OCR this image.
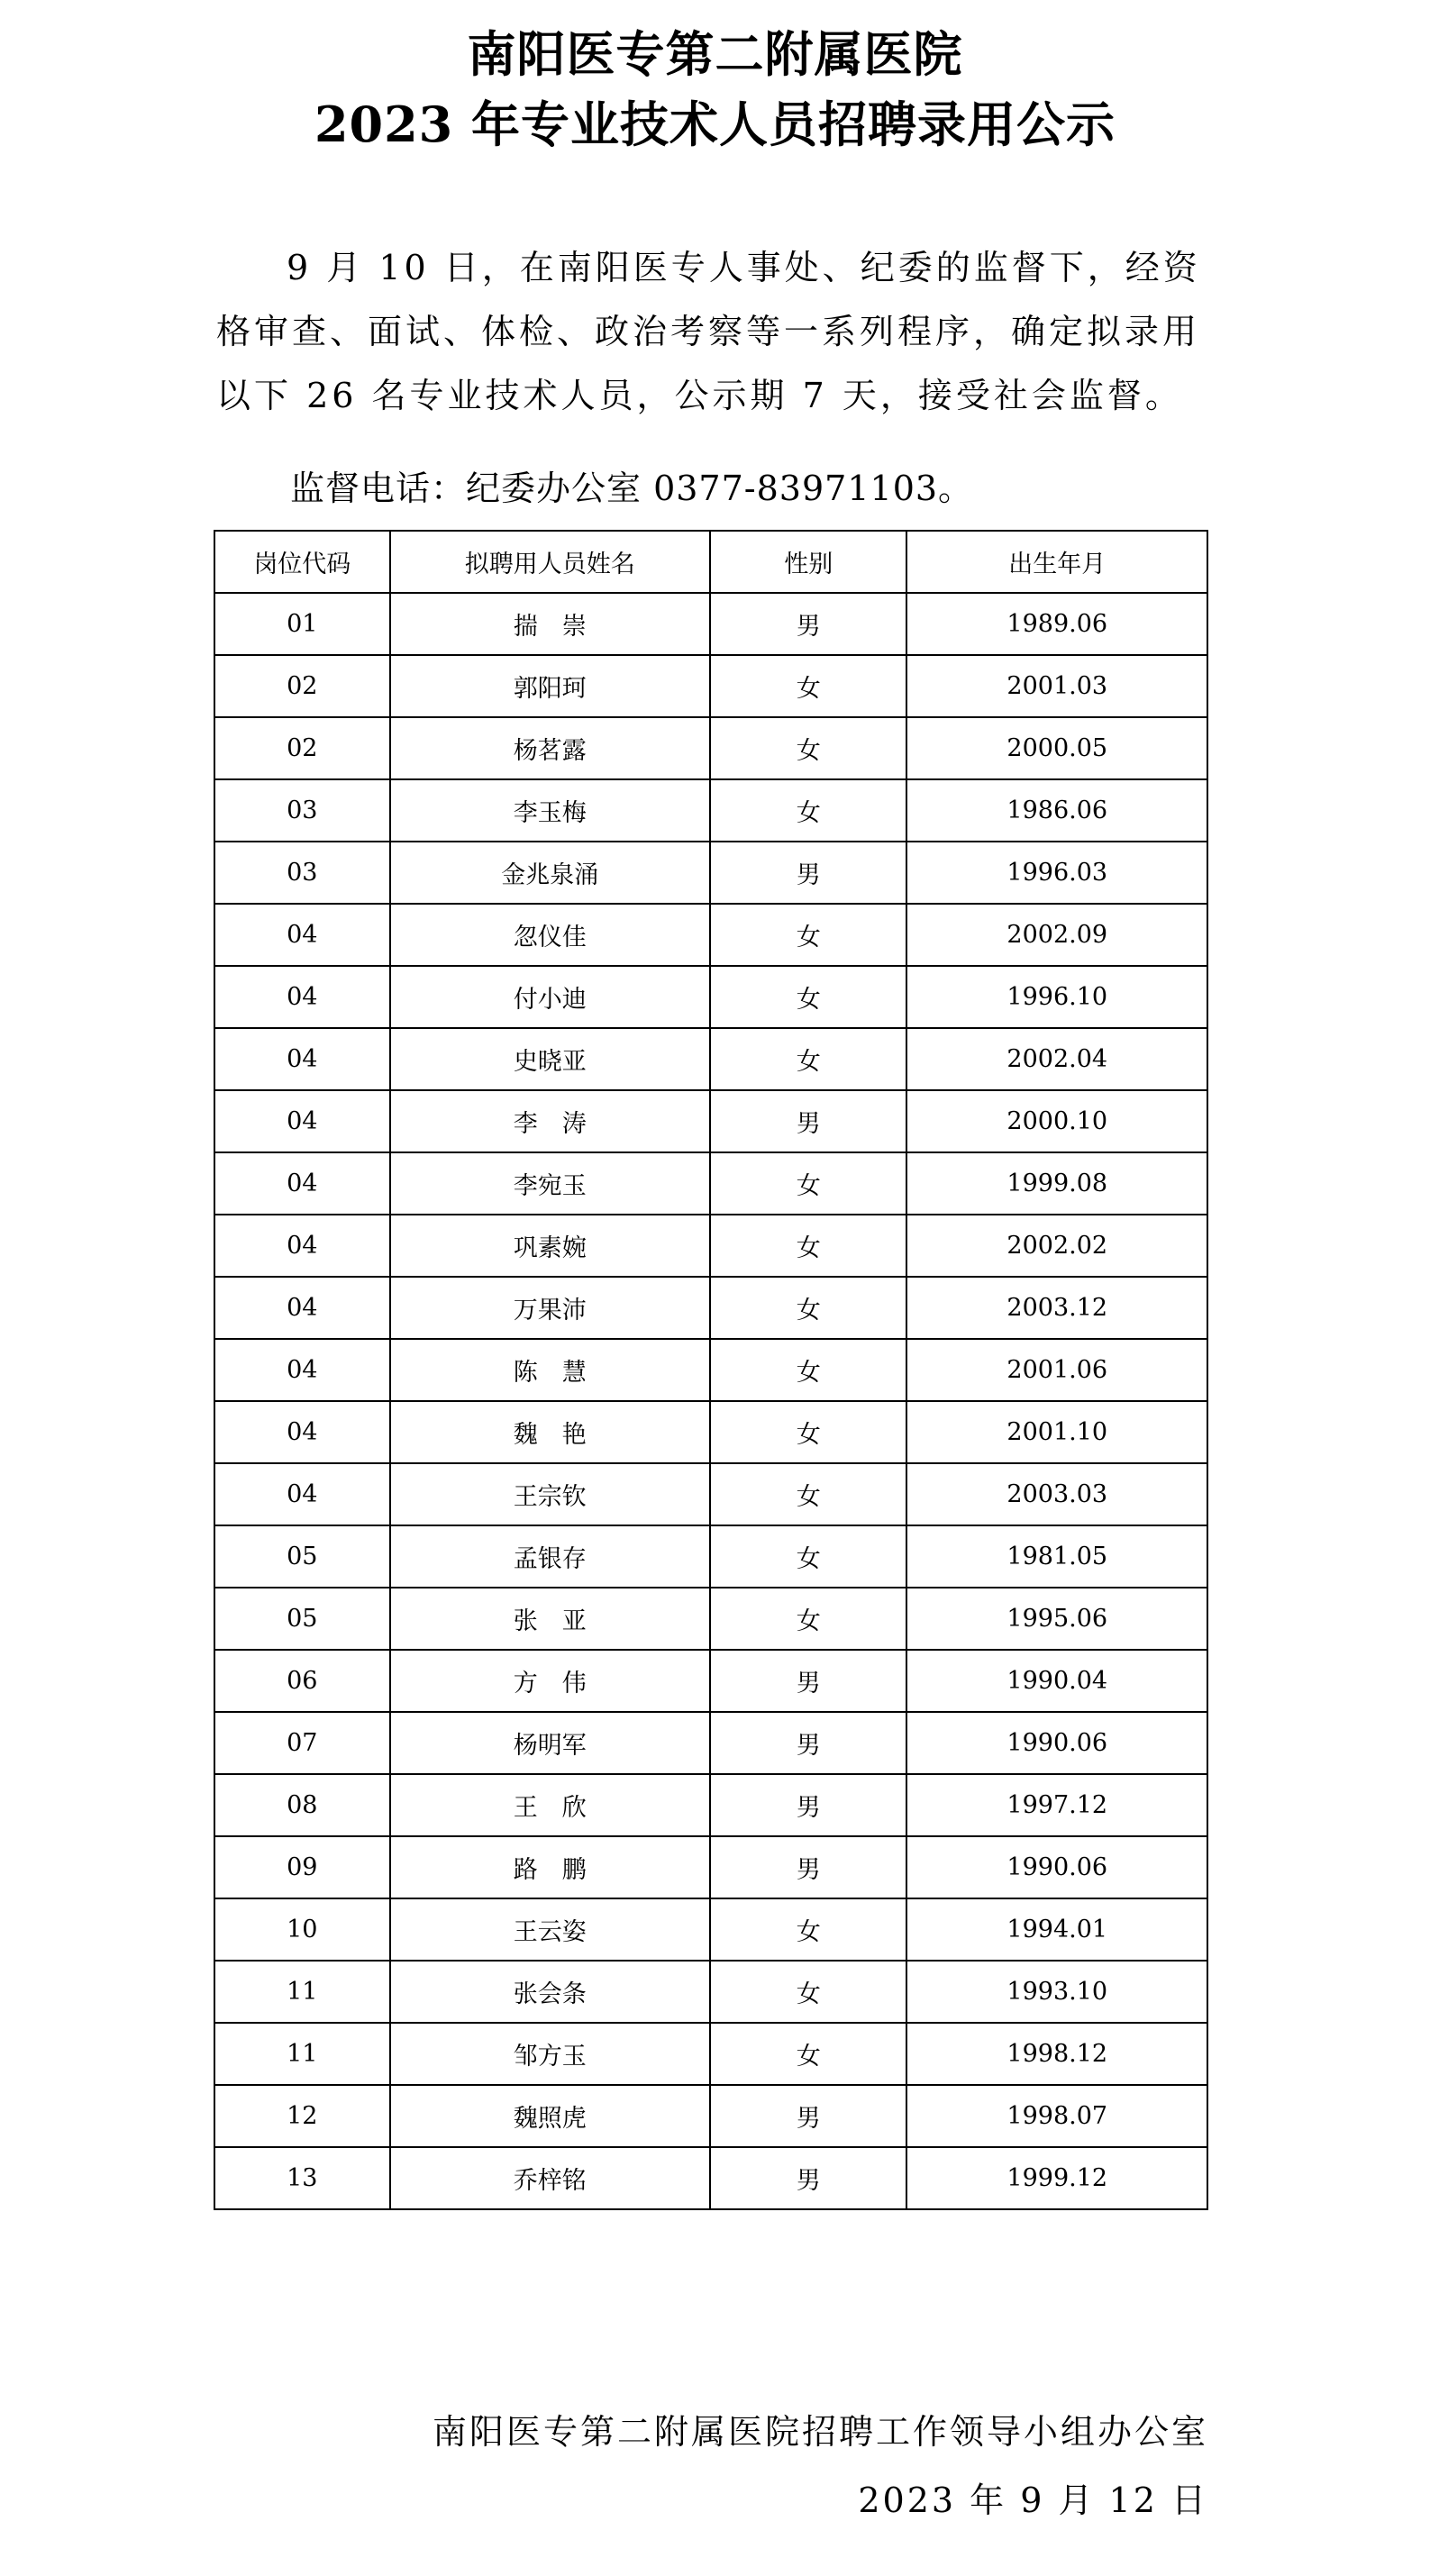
南阳医专第二附属医院
2023 年专业技术人员招聘录用公示

9 月 10 日，在南阳医专人事处、纪委的监督下，经资格审查、面试、体检、政治考察等一系列程序，确定拟录用以下 26 名专业技术人员，公示期 7 天，接受社会监督。

监督电话：纪委办公室 0377-83971103。
岗位代码	拟聘用人员姓名	性别	出生年月
01	揣　崇	男	1989.06
02	郭阳珂	女	2001.03
02	杨茗露	女	2000.05
03	李玉梅	女	1986.06
03	金兆泉涌	男	1996.03
04	忽仪佳	女	2002.09
04	付小迪	女	1996.10
04	史晓亚	女	2002.04
04	李　涛	男	2000.10
04	李宛玉	女	1999.08
04	巩素婉	女	2002.02
04	万果沛	女	2003.12
04	陈　慧	女	2001.06
04	魏　艳	女	2001.10
04	王宗钦	女	2003.03
05	孟银存	女	1981.05
05	张　亚	女	1995.06
06	方　伟	男	1990.04
07	杨明军	男	1990.06
08	王　欣	男	1997.12
09	路　鹏	男	1990.06
10	王云姿	女	1994.01
11	张会条	女	1993.10
11	邹方玉	女	1998.12
12	魏照虎	男	1998.07
13	乔梓铭	男	1999.12
南阳医专第二附属医院招聘工作领导小组办公室
2023 年 9 月 12 日
